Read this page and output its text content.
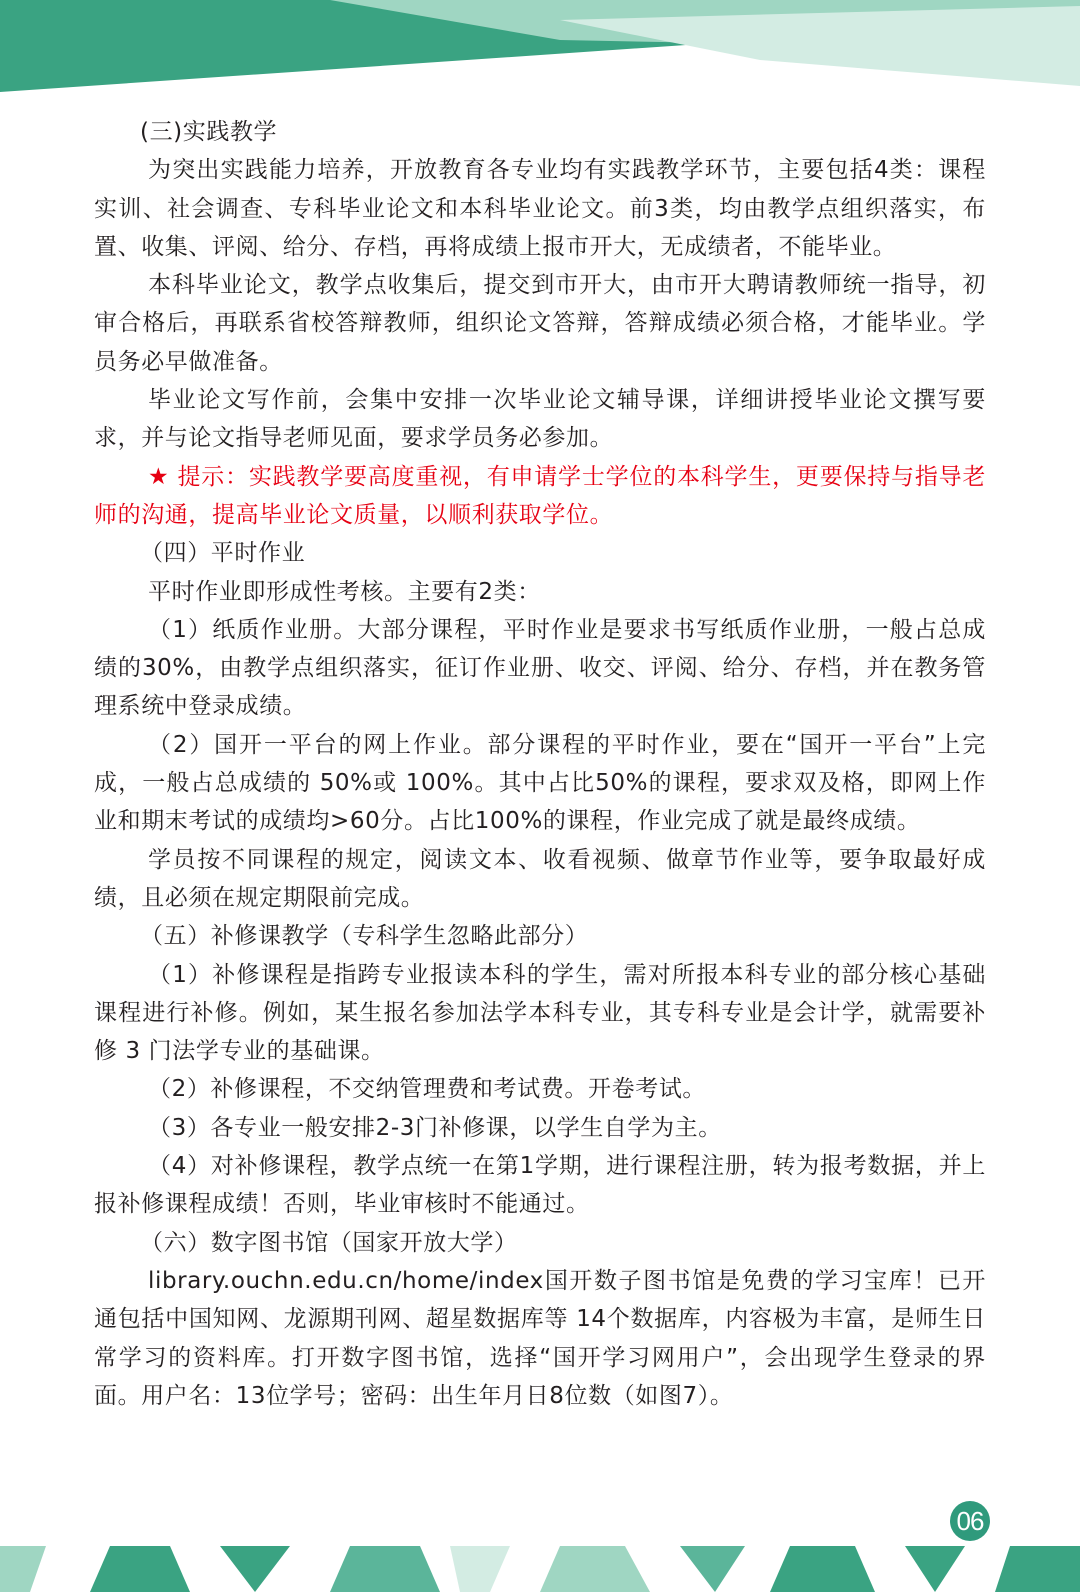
(三)实践教学

为突出实践能力培养，开放教育各专业均有实践教学环节，主要包括4类：课程实训、社会调查、专科毕业论文和本科毕业论文。前3类，均由教学点组织落实，布置、收集、评阅、给分、存档，再将成绩上报市开大，无成绩者，不能毕业。

本科毕业论文，教学点收集后，提交到市开大，由市开大聘请教师统一指导，初审合格后，再联系省校答辩教师，组织论文答辩，答辩成绩必须合格，才能毕业。学员务必早做准备。

毕业论文写作前，会集中安排一次毕业论文辅导课，详细讲授毕业论文撰写要求，并与论文指导老师见面，要求学员务必参加。

★ 提示：实践教学要高度重视，有申请学士学位的本科学生，更要保持与指导老师的沟通，提高毕业论文质量，以顺利获取学位。

（四）平时作业

平时作业即形成性考核。主要有2类：

（1）纸质作业册。大部分课程，平时作业是要求书写纸质作业册，一般占总成绩的30%，由教学点组织落实，征订作业册、收交、评阅、给分、存档，并在教务管理系统中登录成绩。

（2）国开一平台的网上作业。部分课程的平时作业，要在“国开一平台”上完成，一般占总成绩的 50%或 100%。其中占比50%的课程，要求双及格，即网上作业和期末考试的成绩均>60分。占比100%的课程，作业完成了就是最终成绩。

学员按不同课程的规定，阅读文本、收看视频、做章节作业等，要争取最好成绩，且必须在规定期限前完成。

（五）补修课教学（专科学生忽略此部分）

（1）补修课程是指跨专业报读本科的学生，需对所报本科专业的部分核心基础课程进行补修。例如，某生报名参加法学本科专业，其专科专业是会计学，就需要补修 3 门法学专业的基础课。

（2）补修课程，不交纳管理费和考试费。开卷考试。

（3）各专业一般安排2-3门补修课，以学生自学为主。

（4）对补修课程，教学点统一在第1学期，进行课程注册，转为报考数据，并上报补修课程成绩！否则，毕业审核时不能通过。

（六）数字图书馆（国家开放大学）

library.ouchn.edu.cn/home/index国开数子图书馆是免费的学习宝库！已开通包括中国知网、龙源期刊网、超星数据库等 14个数据库，内容极为丰富，是师生日常学习的资料库。打开数字图书馆，选择“国开学习网用户”，会出现学生登录的界面。用户名：13位学号；密码：出生年月日8位数（如图7）。

06
